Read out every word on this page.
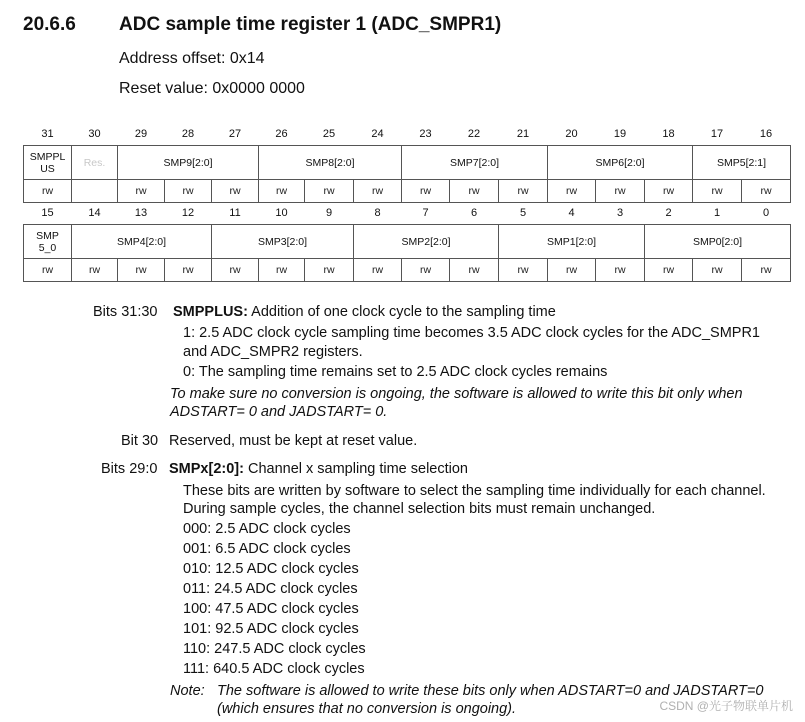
20.6.6 ADC sample time register 1 (ADC_SMPR1)
Address offset: 0x14
Reset value: 0x0000 0000
31	30	29	28	27	26	25	24	23	22	21	20	19	18	17	16
SMPPL
US	Res.	SMP9[2:0]			SMP8[2:0]			SMP7[2:0]			SMP6[2:0]			SMP5[2:1]	
rw		rw	rw	rw	rw	rw	rw	rw	rw	rw	rw	rw	rw	rw	rw
15	14	13	12	11	10	9	8	7	6	5	4	3	2	1	0
SMP
5_0	SMP4[2:0]			SMP3[2:0]			SMP2[2:0]			SMP1[2:0]			SMP0[2:0]		
rw	rw	rw	rw	rw	rw	rw	rw	rw	rw	rw	rw	rw	rw	rw	rw
Bits 31:30 SMPPLUS: Addition of one clock cycle to the sampling time
1: 2.5 ADC clock cycle sampling time becomes 3.5 ADC clock cycles for the ADC_SMPR1
and ADC_SMPR2 registers.
0: The sampling time remains set to 2.5 ADC clock cycles remains
To make sure no conversion is ongoing, the software is allowed to write this bit only when
ADSTART= 0 and JADSTART= 0.
Bit 30 Reserved, must be kept at reset value.
Bits 29:0 SMPx[2:0]: Channel x sampling time selection
These bits are written by software to select the sampling time individually for each channel.
During sample cycles, the channel selection bits must remain unchanged.
000: 2.5 ADC clock cycles
001: 6.5 ADC clock cycles
010: 12.5 ADC clock cycles
011: 24.5 ADC clock cycles
100: 47.5 ADC clock cycles
101: 92.5 ADC clock cycles
110: 247.5 ADC clock cycles
111: 640.5 ADC clock cycles
Note: The software is allowed to write these bits only when ADSTART=0 and JADSTART=0
(which ensures that no conversion is ongoing).	CSDN @光子物联单片机
